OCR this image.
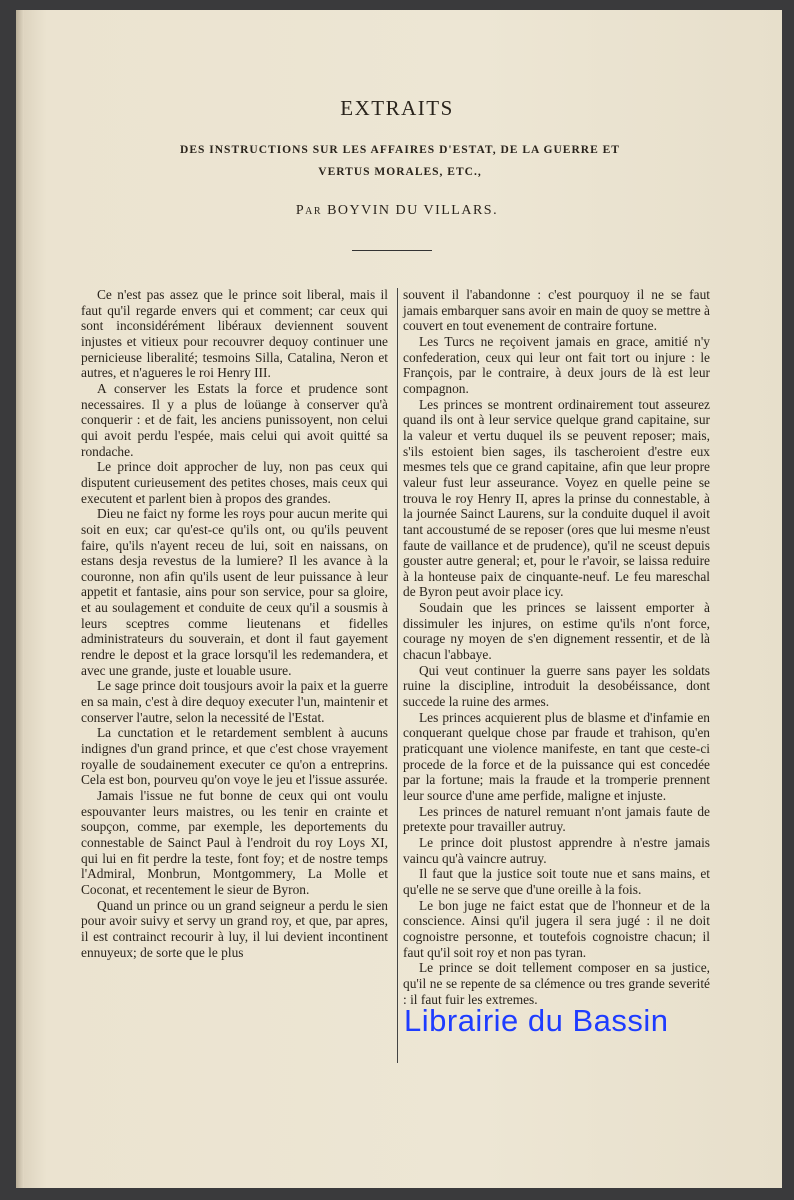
EXTRAITS
DES INSTRUCTIONS SUR LES AFFAIRES D'ESTAT, DE LA GUERRE ET
VERTUS MORALES, ETC.,
Par BOYVIN DU VILLARS.

Ce n'est pas assez que le prince soit liberal, mais il faut qu'il regarde envers qui et comment; car ceux qui sont inconsidérément libéraux deviennent souvent injustes et vitieux pour recouvrer dequoy continuer une pernicieuse liberalité; tesmoins Silla, Catalina, Neron et autres, et n'agueres le roi Henry III.

A conserver les Estats la force et prudence sont necessaires. Il y a plus de loüange à conserver qu'à conquerir : et de fait, les anciens punissoyent, non celui qui avoit perdu l'espée, mais celui qui avoit quitté sa rondache.

Le prince doit approcher de luy, non pas ceux qui disputent curieusement des petites choses, mais ceux qui executent et parlent bien à propos des grandes.

Dieu ne faict ny forme les roys pour aucun merite qui soit en eux; car qu'est-ce qu'ils ont, ou qu'ils peuvent faire, qu'ils n'ayent receu de lui, soit en naissans, on estans desja revestus de la lumiere? Il les avance à la couronne, non afin qu'ils usent de leur puissance à leur appetit et fantasie, ains pour son service, pour sa gloire, et au soulagement et conduite de ceux qu'il a sousmis à leurs sceptres comme lieutenans et fidelles administrateurs du souverain, et dont il faut gayement rendre le depost et la grace lorsqu'il les redemandera, et avec une grande, juste et louable usure.

Le sage prince doit tousjours avoir la paix et la guerre en sa main, c'est à dire dequoy executer l'un, maintenir et conserver l'autre, selon la necessité de l'Estat.

La cunctation et le retardement semblent à aucuns indignes d'un grand prince, et que c'est chose vrayement royalle de soudainement executer ce qu'on a entreprins. Cela est bon, pourveu qu'on voye le jeu et l'issue assurée.

Jamais l'issue ne fut bonne de ceux qui ont voulu espouvanter leurs maistres, ou les tenir en crainte et soupçon, comme, par exemple, les deportements du connestable de Sainct Paul à l'endroit du roy Loys XI, qui lui en fit perdre la teste, font foy; et de nostre temps l'Admiral, Monbrun, Montgommery, La Molle et Coconat, et recentement le sieur de Byron.

Quand un prince ou un grand seigneur a perdu le sien pour avoir suivy et servy un grand roy, et que, par apres, il est contrainct recourir à luy, il lui devient incontinent ennuyeux; de sorte que le plus

souvent il l'abandonne : c'est pourquoy il ne se faut jamais embarquer sans avoir en main de quoy se mettre à couvert en tout evenement de contraire fortune.

Les Turcs ne reçoivent jamais en grace, amitié n'y confederation, ceux qui leur ont fait tort ou injure : le François, par le contraire, à deux jours de là est leur compagnon.

Les princes se montrent ordinairement tout asseurez quand ils ont à leur service quelque grand capitaine, sur la valeur et vertu duquel ils se peuvent reposer; mais, s'ils estoient bien sages, ils tascheroient d'estre eux mesmes tels que ce grand capitaine, afin que leur propre valeur fust leur asseurance. Voyez en quelle peine se trouva le roy Henry II, apres la prinse du connestable, à la journée Sainct Laurens, sur la conduite duquel il avoit tant accoustumé de se reposer (ores que lui mesme n'eust faute de vaillance et de prudence), qu'il ne sceust depuis gouster autre general; et, pour le r'avoir, se laissa reduire à la honteuse paix de cinquante-neuf. Le feu mareschal de Byron peut avoir place icy.

Soudain que les princes se laissent emporter à dissimuler les injures, on estime qu'ils n'ont force, courage ny moyen de s'en dignement ressentir, et de là chacun l'abbaye.

Qui veut continuer la guerre sans payer les soldats ruine la discipline, introduit la desobéissance, dont succede la ruine des armes.

Les princes acquierent plus de blasme et d'infamie en conquerant quelque chose par fraude et trahison, qu'en praticquant une violence manifeste, en tant que ceste-ci procede de la force et de la puissance qui est concedée par la fortune; mais la fraude et la tromperie prennent leur source d'une ame perfide, maligne et injuste.

Les princes de naturel remuant n'ont jamais faute de pretexte pour travailler autruy.

Le prince doit plustost apprendre à n'estre jamais vaincu qu'à vaincre autruy.

Il faut que la justice soit toute nue et sans mains, et qu'elle ne se serve que d'une oreille à la fois.

Le bon juge ne faict estat que de l'honneur et de la conscience. Ainsi qu'il jugera il sera jugé : il ne doit cognoistre personne, et toutefois cognoistre chacun; il faut qu'il soit roy et non pas tyran.

Le prince se doit tellement composer en sa justice, qu'il ne se repente de sa clémence ou tres grande severité : il faut fuir les extremes.

Librairie du Bassin
